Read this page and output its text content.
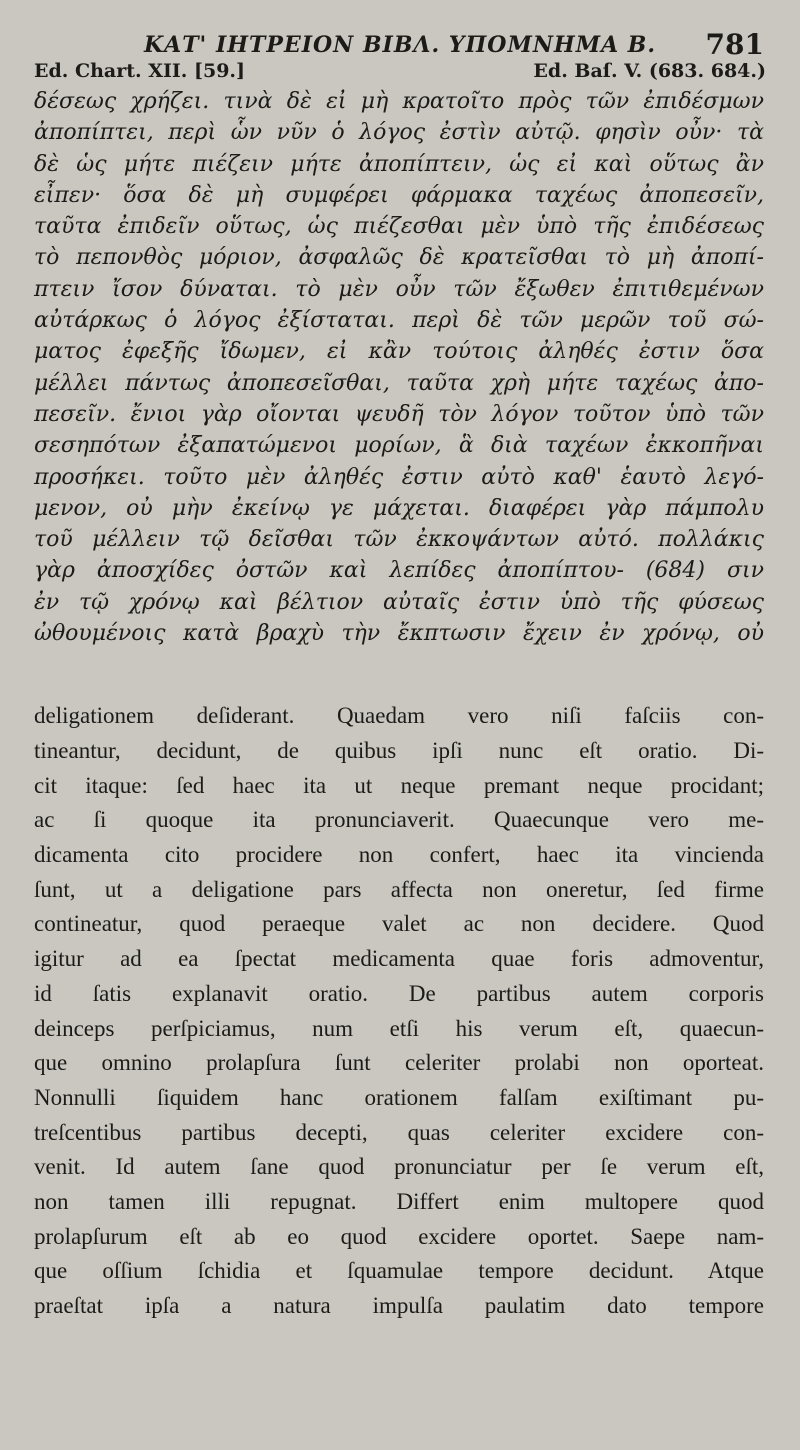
ΚΑΤ' ΙΗΤΡΕΙΟΝ ΒΙΒΛ. ΥΠΟΜΝΗΜΑ Β. 781
Ed. Chart. XII. [59.]	Ed. Baſ. V. (683. 684.)
δέσεως χρήζει. τινὰ δὲ εἰ μὴ κρατοῖτο πρὸς τῶν ἐπιδέσμων
ἀποπίπτει, περὶ ὧν νῦν ὁ λόγος ἐστὶν αὐτῷ. φησὶν οὖν· τὰ
δὲ ὡς μήτε πιέζειν μήτε ἀποπίπτειν, ὡς εἰ καὶ οὕτως ἂν
εἶπεν· ὅσα δὲ μὴ συμφέρει φάρμακα ταχέως ἀποπεσεῖν,
ταῦτα ἐπιδεῖν οὕτως, ὡς πιέζεσθαι μὲν ὑπὸ τῆς ἐπιδέσεως
τὸ πεπονθὸς μόριον, ἀσφαλῶς δὲ κρατεῖσθαι τὸ μὴ ἀποπί-
πτειν ἴσον δύναται. τὸ μὲν οὖν τῶν ἔξωθεν ἐπιτιθεμένων
αὐτάρκως ὁ λόγος ἐξίσταται. περὶ δὲ τῶν μερῶν τοῦ σώ-
ματος ἐφεξῆς ἴδωμεν, εἰ κἂν τούτοις ἀληθές ἐστιν ὅσα
μέλλει πάντως ἀποπεσεῖσθαι, ταῦτα χρὴ μήτε ταχέως ἀπο-
πεσεῖν. ἔνιοι γὰρ οἴονται ψευδῆ τὸν λόγον τοῦτον ὑπὸ τῶν
σεσηπότων ἐξαπατώμενοι μορίων, ἃ διὰ ταχέων ἐκκοπῆναι
προσήκει. τοῦτο μὲν ἀληθές ἐστιν αὐτὸ καθ' ἑαυτὸ λεγό-
μενον, οὐ μὴν ἐκείνῳ γε μάχεται. διαφέρει γὰρ πάμπολυ
τοῦ μέλλειν τῷ δεῖσθαι τῶν ἐκκοψάντων αὐτό. πολλάκις
γὰρ ἀποσχίδες ὀστῶν καὶ λεπίδες ἀποπίπτου- (684) σιν
ἐν τῷ χρόνῳ καὶ βέλτιον αὐταῖς ἐστιν ὑπὸ τῆς φύσεως
ὠθουμένοις κατὰ βραχὺ τὴν ἔκπτωσιν ἔχειν ἐν χρόνῳ, οὐ
deligationem deſiderant. Quaedam vero niſi faſciis con-
tineantur, decidunt, de quibus ipſi nunc eſt oratio. Di-
cit itaque: ſed haec ita ut neque premant neque procidant;
ac ſi quoque ita pronunciaverit. Quaecunque vero me-
dicamenta cito procidere non confert, haec ita vincienda
ſunt, ut a deligatione pars affecta non oneretur, ſed firme
contineatur, quod peraeque valet ac non decidere. Quod
igitur ad ea ſpectat medicamenta quae foris admoventur,
id ſatis explanavit oratio. De partibus autem corporis
deinceps perſpiciamus, num etſi his verum eſt, quaecun-
que omnino prolapſura ſunt celeriter prolabi non oporteat.
Nonnulli ſiquidem hanc orationem falſam exiſtimant pu-
treſcentibus partibus decepti, quas celeriter excidere con-
venit. Id autem ſane quod pronunciatur per ſe verum eſt,
non tamen illi repugnat. Differt enim multopere quod
prolapſurum eſt ab eo quod excidere oportet. Saepe nam-
que oſſium ſchidia et ſquamulae tempore decidunt. Atque
praeſtat ipſa a natura impulſa paulatim dato tempore
